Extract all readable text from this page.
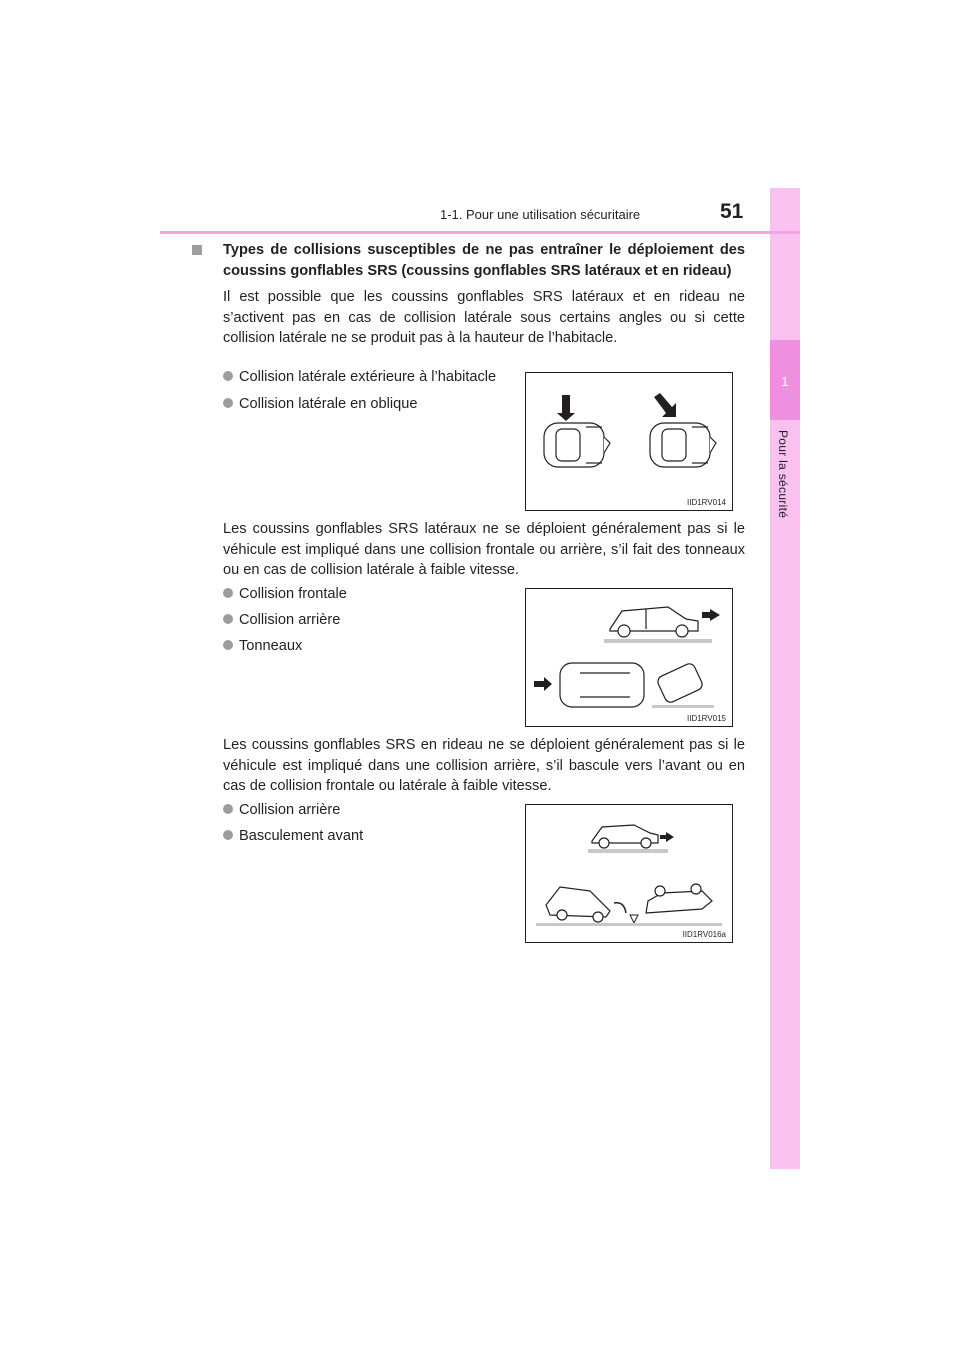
1
Pour la sécurité
1-1. Pour une utilisation sécuritaire	51
Types de collisions susceptibles de ne pas entraîner le déploiement des coussins gonflables SRS (coussins gonflables SRS latéraux et en rideau)
Il est possible que les coussins gonflables SRS latéraux et en rideau ne s’activent pas en cas de collision latérale sous certains angles ou si cette collision latérale ne se produit pas à la hauteur de l’habitacle.
Collision latérale extérieure à l’habitacle
Collision latérale en oblique
IID1RV014
Les coussins gonflables SRS latéraux ne se déploient généralement pas si le véhicule est impliqué dans une collision frontale ou arrière, s’il fait des tonneaux ou en cas de collision latérale à faible vitesse.
Collision frontale
Collision arrière
Tonneaux
IID1RV015
Les coussins gonflables SRS en rideau ne se déploient généralement pas si le véhicule est impliqué dans une collision arrière, s’il bascule vers l’avant ou en cas de collision frontale ou latérale à faible vitesse.
Collision arrière
Basculement avant
IID1RV016a
